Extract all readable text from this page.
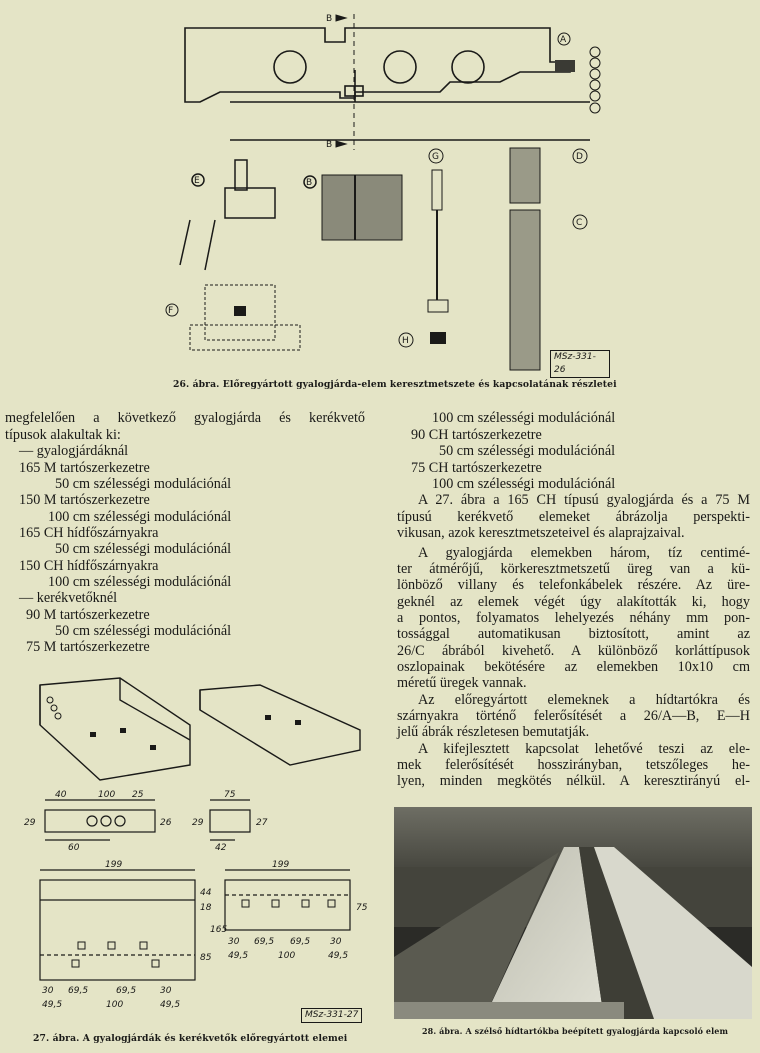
B
B
A
E	B
F
G
H
D
C
MSz-331-26
26. ábra. Előregyártott gyalogjárda-elem keresztmetszete és kapcsolatának részletei
megfelelően a következő gyalogjárda és kerékvető
típusok alakultak ki:
— gyalogjárdáknál
165 M tartószerkezetre
50 cm szélességi modulációnál
150 M tartószerkezetre
100 cm szélességi modulációnál
165 CH hídfőszárnyakra
50 cm szélességi modulációnál
150 CH hídfőszárnyakra
100 cm szélességi modulációnál
— kerékvetőknél
90 M tartószerkezetre
50 cm szélességi modulációnál
75 M tartószerkezetre
100 cm szélességi modulációnál
90 CH tartószerkezetre
50 cm szélességi modulációnál
75 CH tartószerkezetre
100 cm szélességi modulációnál
A 27. ábra a 165 CH típusú gyalogjárda és a 75 M
típusú kerékvető elemeket ábrázolja perspekti-
vikusan, azok keresztmetszeteivel és alaprajzaival.
A gyalogjárda elemekben három, tíz centimé-
ter átmérőjű, körkeresztmetszetű üreg van a kü-
lönböző villany és telefonkábelek részére. Az üre-
geknél az elemek végét úgy alakították ki, hogy
a pontos, folyamatos lehelyezés néhány mm pon-
tossággal automatikusan biztosított, amint az
26/C ábrából kivehető. A különböző korláttípusok
oszlopainak bekötésére az elemekben 10x10 cm
méretű üregek vannak.
Az előregyártott elemeknek a hídtartókra és
szárnyakra történő felerősítését a 26/A—B, E—H
jelű ábrák részletesen bemutatják.
A kifejlesztett kapcsolat lehetővé teszi az ele-
mek felerősítését hosszirányban, tetszőleges he-
lyen, minden megkötés nélkül. A keresztirányú el-
40	100 25
29	26
60
75
29	27
42
199
44
18
165
85
30 69,5	69,5	30
49,5	100	49,5
199
75
30 69,5 69,5 30
49,5	100	49,5
MSz-331-27
27. ábra. A gyalogjárdák és kerékvetők előregyártott elemei
28. ábra. A szélső hídtartókba beépített gyalogjárda kapcsoló elem
